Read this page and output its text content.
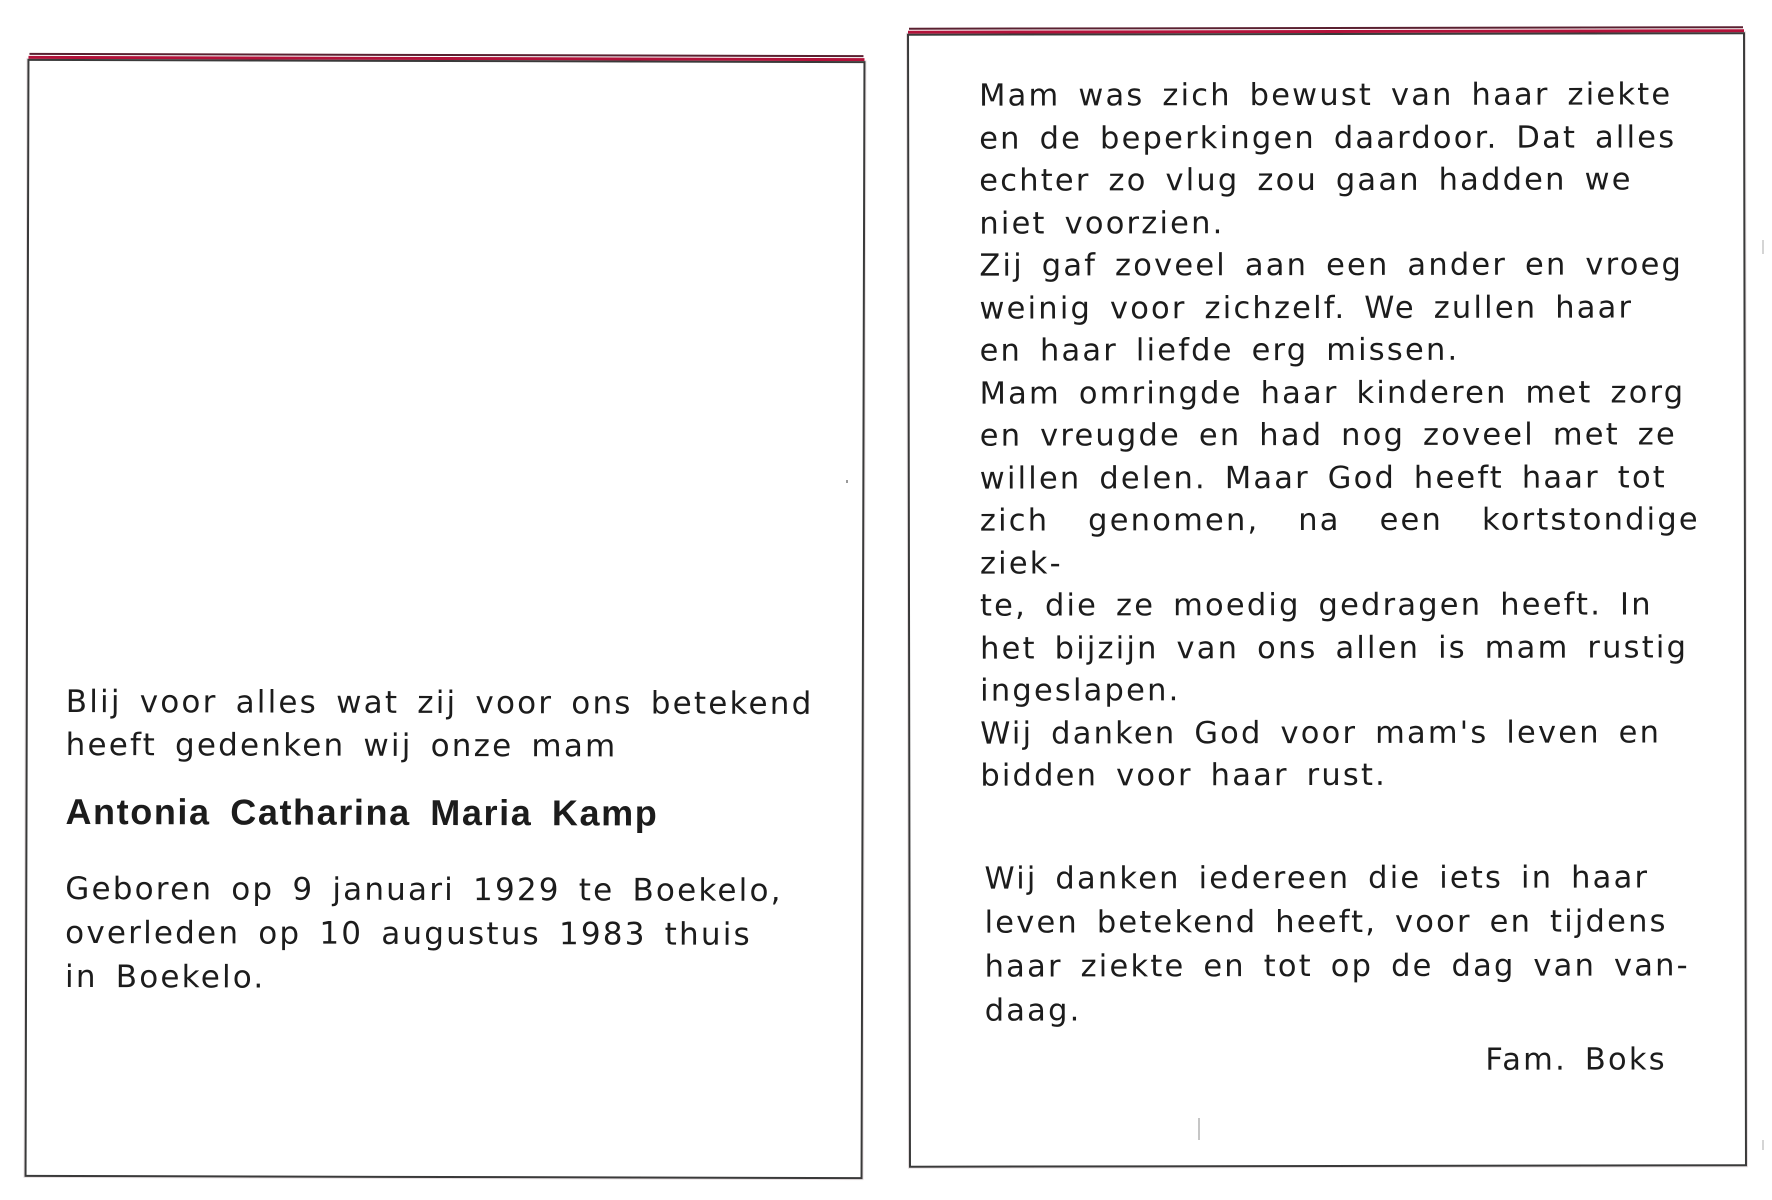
Blij voor alles wat zij voor ons betekend
heeft gedenken wij onze mam

Antonia Catharina Maria Kamp

Geboren op 9 januari 1929 te Boekelo,
overleden op 10 augustus 1983 thuis
in Boekelo.

Mam was zich bewust van haar ziekte
en de beperkingen daardoor. Dat alles
echter zo vlug zou gaan hadden we
niet voorzien.

Zij gaf zoveel aan een ander en vroeg
weinig voor zichzelf. We zullen haar
en haar liefde erg missen.

Mam omringde haar kinderen met zorg
en vreugde en had nog zoveel met ze
willen delen. Maar God heeft haar tot
zich genomen, na een kortstondige ziek-
te, die ze moedig gedragen heeft. In
het bijzijn van ons allen is mam rustig
ingeslapen.

Wij danken God voor mam's leven en
bidden voor haar rust.

Wij danken iedereen die iets in haar
leven betekend heeft, voor en tijdens
haar ziekte en tot op de dag van van-
daag.

Fam. Boks
